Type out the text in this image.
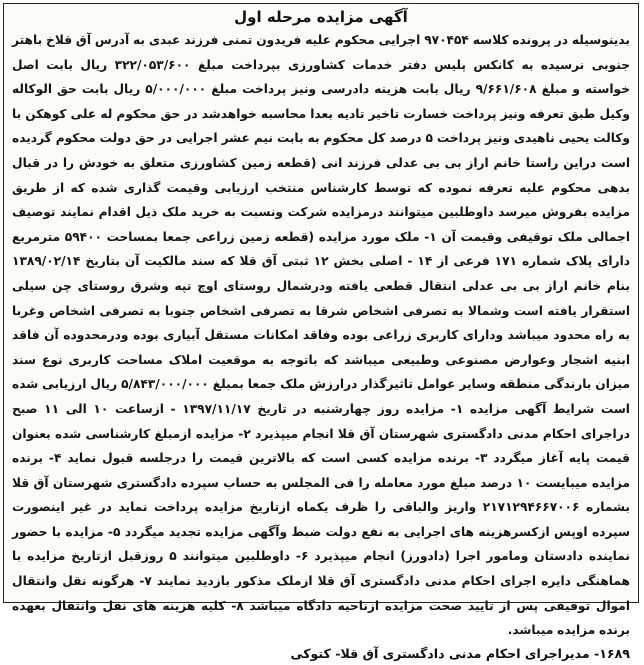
آگهی مزایده مرحله اول

بدینوسیله در پرونده کلاسه ۹۷۰۴۵۴ اجرایی محکوم علیه فریدون تمنی فرزند عبدی به آدرس آق قلاخ باهتر جنوبی نرسیده به کانکس پلیس دفتر خدمات کشاورزی بپرداخت مبلغ ۳۲۲/۰۵۳/۶۰۰ ریال بابت اصل خواسته و مبلغ ۹/۶۶۱/۶۰۸ ریال بابت هزینه دادرسی ونیز پرداخت مبلغ ۵/۰۰۰/۰۰۰ ریال بابت حق الوکاله وکیل طبق تعرفه ونیز پرداخت خسارت تاخیر تادیه بعدا محاسبه خواهدشد در حق محکوم له علی کوهکن با وکالت یحیی ناهیدی ونیز پرداخت ۵ درصد کل محکوم به بابت نیم عشر اجرایی در حق دولت محکوم گردیده است دراین راستا خانم اراز بی بی عدلی فرزند انی (قطعه زمین کشاورزی متعلق به خودش را در قبال بدهی محکوم علیه تعرفه نموده که توسط کارشناس منتخب ارزیابی وقیمت گذاری شده که از طریق مزایده بفروش میرسد داوطلبین میتوانند درمزایده شرکت ونسبت به خرید ملک ذیل اقدام نمایند توصیف اجمالی ملک توقیفی وقیمت آن ۱- ملک مورد مزایده (قطعه زمین زراعی جمعا بمساحت ۵۹۴۰۰ مترمربع دارای پلاک شماره ۱۷۱ فرعی از ۱۴ - اصلی بخش ۱۲ ثبتی آق قلا که سند مالکیت آن بتاریخ ۱۳۸۹/۰۲/۱۴ بنام خانم اراز بی بی عدلی انتقال قطعی یافته ودرشمال روستای اوچ تپه وشرق روستای چن سیلی استقرار یافته است وشمالا به تصرفی اشخاص شرقا به تصرفی اشخاص جنوبا به تصرفی اشخاص وغربا به راه محدود میباشد ودارای کاربری زراعی بوده وفاقد امکانات مستقل آبیاری بوده ودرمحدوده آن فاقد ابنیه اشجار وعوارض مصنوعی وطبیعی میباشد که باتوجه به موقعیت املاک مساحت کاربری نوع سند میزان بارندگی منطقه وسایر عوامل تاثیرگذار درارزش ملک جمعا بمبلغ ۵/۸۴۳/۰۰۰/۰۰۰ ریال ارزیابی شده است شرایط آگهی مزایده ۱- مزایده روز چهارشنبه در تاریخ ۱۳۹۷/۱۱/۱۷ - ازساعت ۱۰ الی ۱۱ صبح دراجرای احکام مدنی دادگستری شهرستان آق قلا انجام میپذیرد ۲- مزایده ازمبلغ کارشناسی شده بعنوان قیمت پایه آغاز میگردد ۳- برنده مزایده کسی است که بالاترین قیمت را درجلسه قبول نماید ۴- برنده مزایده میبایست ۱۰ درصد مبلغ مورد معامله را فی المجلس به حساب سپرده دادگستری شهرستان آق قلا بشماره ۲۱۷۱۲۹۴۶۶۷۰۰۶ واریز والباقی را ظرف یکماه ازتاریخ مزایده پرداخت نماید در غیر اینصورت سپرده اوپس ازکسرهزینه های اجرایی به نفع دولت ضبط وآگهی مزایده تجدید میگردد ۵- مزایده با حضور نماینده دادستان ومامور اجرا (دادورز) انجام میپذیرد ۶- داوطلبین میتوانند ۵ روزقبل ازتاریخ مزایده با هماهنگی دایره اجرای احکام مدنی دادگستری آق قلا ازملک مذکور بازدید نمایند ۷- هرگونه نقل وانتقال اموال توقیفی پس از تایید صحت مزایده ازناحیه دادگاه میباشد ۸- کلیه هزینه های نقل وانتقال بعهده برنده مزایده میباشد.

۱۶۸۹- مدیراجرای احکام مدنی دادگستری آق قلا- کتوکی
